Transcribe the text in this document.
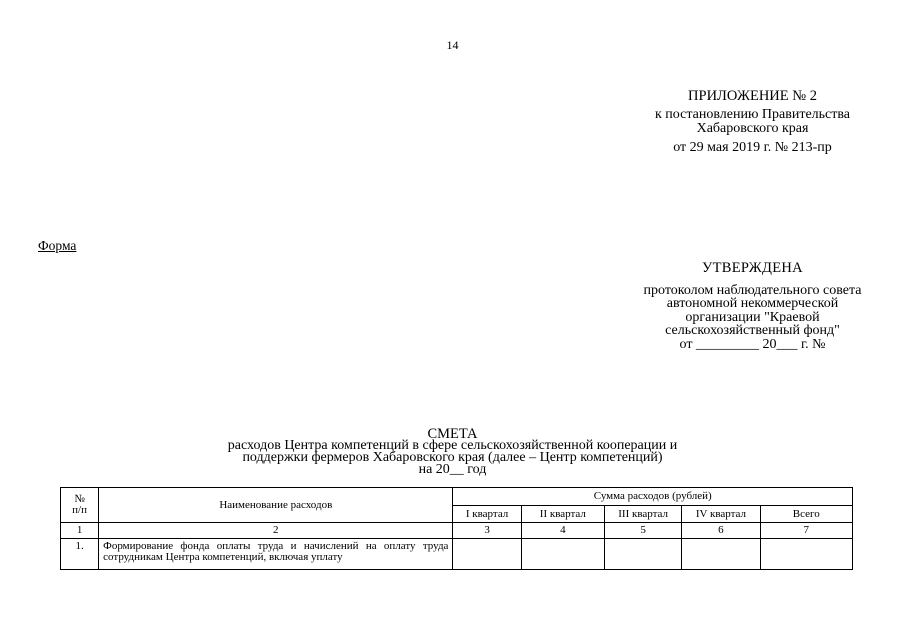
14
ПРИЛОЖЕНИЕ № 2
к постановлению Правительства
Хабаровского края
от 29 мая 2019 г. № 213-пр
Форма
УТВЕРЖДЕНА
протоколом наблюдательного совета
автономной некоммерческой
организации "Краевой
сельскохозяйственный фонд"
от _________ 20___ г. №
СМЕТА
расходов Центра компетенций в сфере сельскохозяйственной кооперации и
поддержки фермеров Хабаровского края (далее – Центр компетенций)
на 20__ год
№
п/п	Наименование расходов	Сумма расходов (рублей)				
		I квартал	II квартал	III квартал	IV квартал	Всего
1	2	3	4	5	6	7
1.	Формирование фонда оплаты труда и начислений на оплату труда сотрудникам Центра компетенций, включая уплату					
